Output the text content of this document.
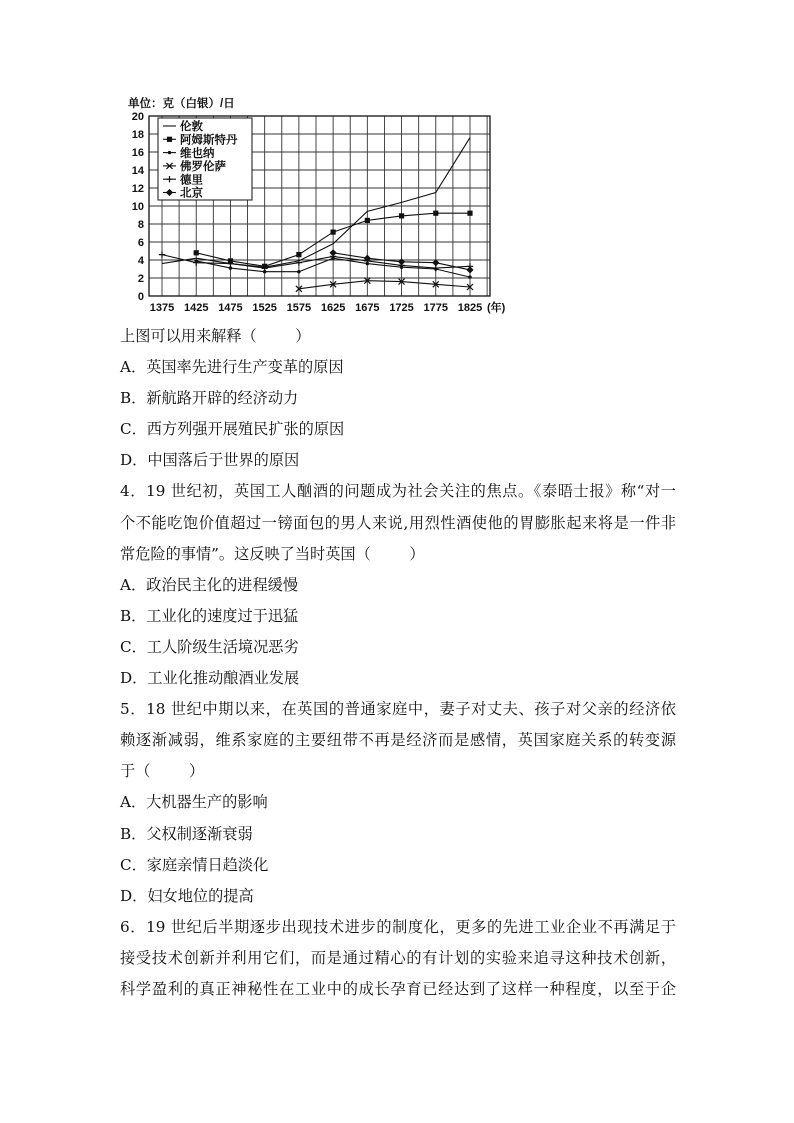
伦敦
阿姆斯特丹
维也纳
佛罗伦萨
德里
北京
0
2
4
6
8
10
12
14
16
18
20
1375 1425 1475 1525 1575 1625 1675 1725 1775 1825 (年)
单位：克（白银）/日
上图可以用来解释（        ）
A．英国率先进行生产变革的原因
B．新航路开辟的经济动力
C．西方列强开展殖民扩张的原因
D．中国落后于世界的原因
4．19 世纪初，英国工人酗酒的问题成为社会关注的焦点。《泰晤士报》称“对一
个不能吃饱价值超过一镑面包的男人来说,用烈性酒使他的胃膨胀起来将是一件非
常危险的事情”。这反映了当时英国（        ）
A．政治民主化的进程缓慢
B．工业化的速度过于迅猛
C．工人阶级生活境况恶劣
D．工业化推动酿酒业发展
5．18 世纪中期以来，在英国的普通家庭中，妻子对丈夫、孩子对父亲的经济依
赖逐渐减弱，维系家庭的主要纽带不再是经济而是感情，英国家庭关系的转变源
于（        ）
A．大机器生产的影响
B．父权制逐渐衰弱
C．家庭亲情日趋淡化
D．妇女地位的提高
6．19 世纪后半期逐步出现技术进步的制度化，更多的先进工业企业不再满足于
接受技术创新并利用它们，而是通过精心的有计划的实验来追寻这种技术创新，
科学盈利的真正神秘性在工业中的成长孕育已经达到了这样一种程度，以至于企
